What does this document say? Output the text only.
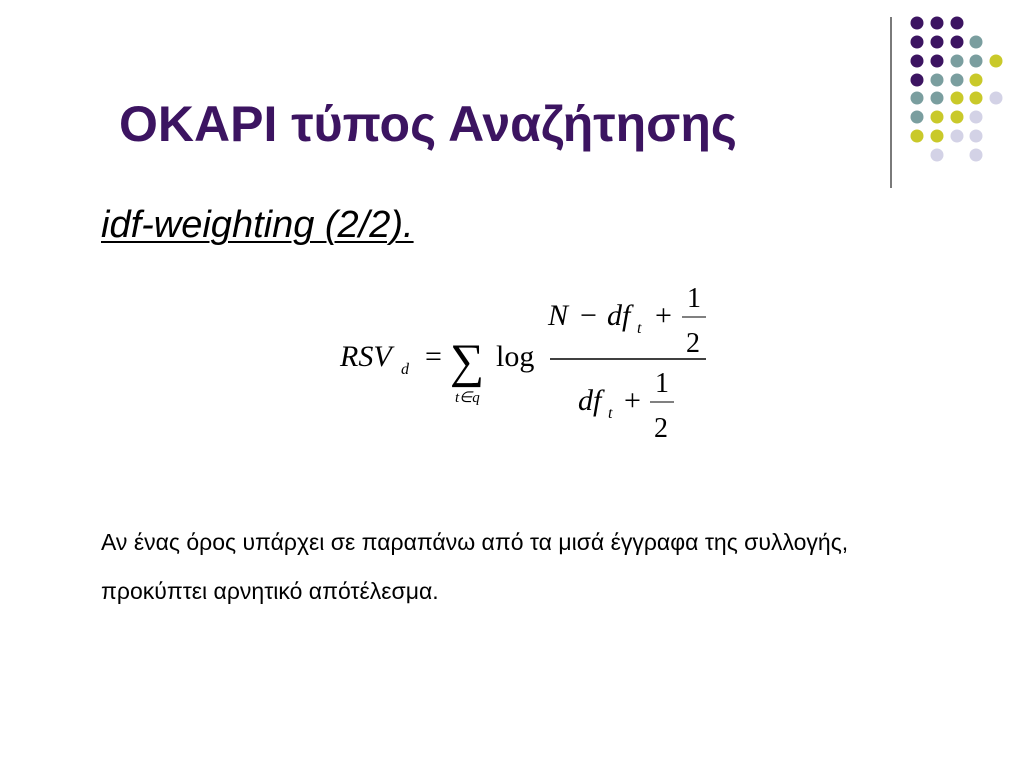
OKAPI τύπος Αναζήτησης
idf-weighting (2/2).
RSV d = ∑
t∈q
log
N − df t +
1
2
df t +
1
2

Αν ένας όρος υπάρχει σε παραπάνω από τα μισά έγγραφα της συλλογής, προκύπτει αρνητικό απότέλεσμα.
